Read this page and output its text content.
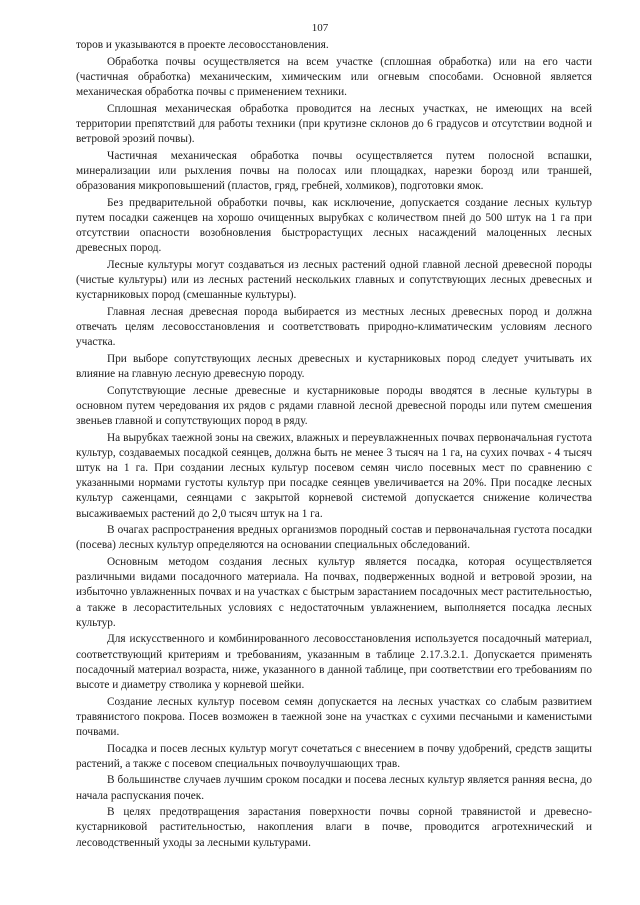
107

торов и указываются в проекте лесовосстановления.

Обработка почвы осуществляется на всем участке (сплошная обработка) или на его части (частичная обработка) механическим, химическим или огневым способами. Основной является механическая обработка почвы с применением техники.

Сплошная механическая обработка проводится на лесных участках, не имеющих на всей территории препятствий для работы техники (при крутизне склонов до 6 градусов и отсутствии водной и ветровой эрозий почвы).

Частичная механическая обработка почвы осуществляется путем полосной вспашки, минерализации или рыхления почвы на полосах или площадках, нарезки борозд или траншей, образования микроповышений (пластов, гряд, гребней, холмиков), подготовки ямок.

Без предварительной обработки почвы, как исключение, допускается создание лесных культур путем посадки саженцев на хорошо очищенных вырубках с количеством пней до 500 штук на 1 га при отсутствии опасности возобновления быстрорастущих лесных насаждений малоценных лесных древесных пород.

Лесные культуры могут создаваться из лесных растений одной главной лесной древесной породы (чистые культуры) или из лесных растений нескольких главных и сопутствующих лесных древесных и кустарниковых пород (смешанные культуры).

Главная лесная древесная порода выбирается из местных лесных древесных пород и должна отвечать целям лесовосстановления и соответствовать природно-климатическим условиям лесного участка.

При выборе сопутствующих лесных древесных и кустарниковых пород следует учитывать их влияние на главную лесную древесную породу.

Сопутствующие лесные древесные и кустарниковые породы вводятся в лесные культуры в основном путем чередования их рядов с рядами главной лесной древесной породы или путем смешения звеньев главной и сопутствующих пород в ряду.

На вырубках таежной зоны на свежих, влажных и переувлажненных почвах первоначальная густота культур, создаваемых посадкой сеянцев, должна быть не менее 3 тысяч на 1 га, на сухих почвах - 4 тысяч штук на 1 га. При создании лесных культур посевом семян число посевных мест по сравнению с указанными нормами густоты культур при посадке сеянцев увеличивается на 20%. При посадке лесных культур саженцами, сеянцами с закрытой корневой системой допускается снижение количества высаживаемых растений до 2,0 тысяч штук на 1 га.

В очагах распространения вредных организмов породный состав и первоначальная густота посадки (посева) лесных культур определяются на основании специальных обследований.

Основным методом создания лесных культур является посадка, которая осуществляется различными видами посадочного материала. На почвах, подверженных водной и ветровой эрозии, на избыточно увлажненных почвах и на участках с быстрым зарастанием посадочных мест растительностью, а также в лесорастительных условиях с недостаточным увлажнением, выполняется посадка лесных культур.

Для искусственного и комбинированного лесовосстановления используется посадочный материал, соответствующий критериям и требованиям, указанным в таблице 2.17.3.2.1. Допускается применять посадочный материал возраста, ниже, указанного в данной таблице, при соответствии его требованиям по высоте и диаметру стволика у корневой шейки.

Создание лесных культур посевом семян допускается на лесных участках со слабым развитием травянистого покрова. Посев возможен в таежной зоне на участках с сухими песчаными и каменистыми почвами.

Посадка и посев лесных культур могут сочетаться с внесением в почву удобрений, средств защиты растений, а также с посевом специальных почвоулучшающих трав.

В большинстве случаев лучшим сроком посадки и посева лесных культур является ранняя весна, до начала распускания почек.

В целях предотвращения зарастания поверхности почвы сорной травянистой и древесно-кустарниковой растительностью, накопления влаги в почве, проводится агротехнический и лесоводственный уходы за лесными культурами.
